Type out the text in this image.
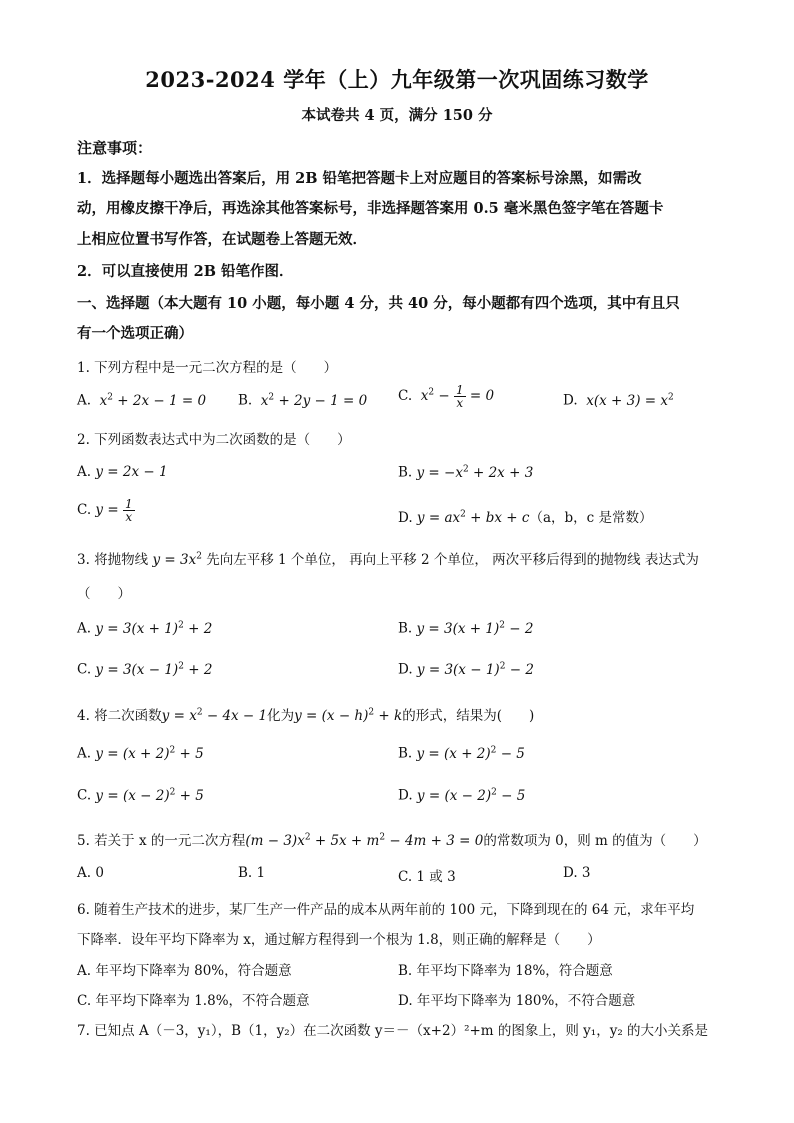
2023-2024 学年（上）九年级第一次巩固练习数学
本试卷共 4 页，满分 150 分
注意事项：
1．选择题每小题选出答案后，用 2B 铅笔把答题卡上对应题目的答案标号涂黑，如需改
动，用橡皮擦干净后，再选涂其他答案标号，非选择题答案用 0.5 毫米黑色签字笔在答题卡
上相应位置书写作答，在试题卷上答题无效．
2．可以直接使用 2B 铅笔作图．
一、选择题（本大题有 10 小题，每小题 4 分，共 40 分，每小题都有四个选项，其中有且只
有一个选项正确）
1. 下列方程中是一元二次方程的是（　　）
A.  $x^2 + 2x - 1 = 0$ B.  $x^2 + 2y - 1 = 0$ C.  $x^2 - \frac{1}{x} = 0$	D.  $x(x + 3) = x^2$
2. 下列函数表达式中为二次函数的是（　　）
A. y = 2x − 1	B. $y = -x^2 + 2x + 3$
C. $y = \frac{1}{x}$	D. $y = ax^2$ + bx + c（a，b，c 是常数）
3. 将抛物线 $y = 3x^2$ 先向左平移 1 个单位， 再向上平移 2 个单位， 两次平移后得到的抛物线 表达式为
（　　）
A. $y = 3(x + 1)^2 + 2$	B. $y = 3(x + 1)^2 - 2$
C. $y = 3(x - 1)^2 + 2$	D. $y = 3(x - 1)^2 - 2$
4. 将二次函数$y = x^2 - 4x - 1$化为$y = (x - h)^2 + k$的形式，结果为(　　)
A. $y = (x + 2)^2 + 5$	B. $y = (x + 2)^2 - 5$
C. $y = (x - 2)^2 + 5$	D. $y = (x - 2)^2 - 5$
5. 若关于 x 的一元二次方程$(m - 3)x^2 + 5x + m^2 - 4m + 3 = 0$的常数项为 0，则 m 的值为（　　）
A. 0	B. 1	C. 1 或 3	D. 3
6. 随着生产技术的进步，某厂生产一件产品的成本从两年前的 100 元，下降到现在的 64 元，求年平均
下降率．设年平均下降率为 x，通过解方程得到一个根为 1.8，则正确的解释是（　　）
A. 年平均下降率为 80%，符合题意	B. 年平均下降率为 18%，符合题意
C. 年平均下降率为 1.8%，不符合题意	D. 年平均下降率为 180%，不符合题意
7. 已知点 A（－3，y₁），B（1，y₂）在二次函数 y＝－（x+2）²+m 的图象上，则 y₁，y₂ 的大小关系是
